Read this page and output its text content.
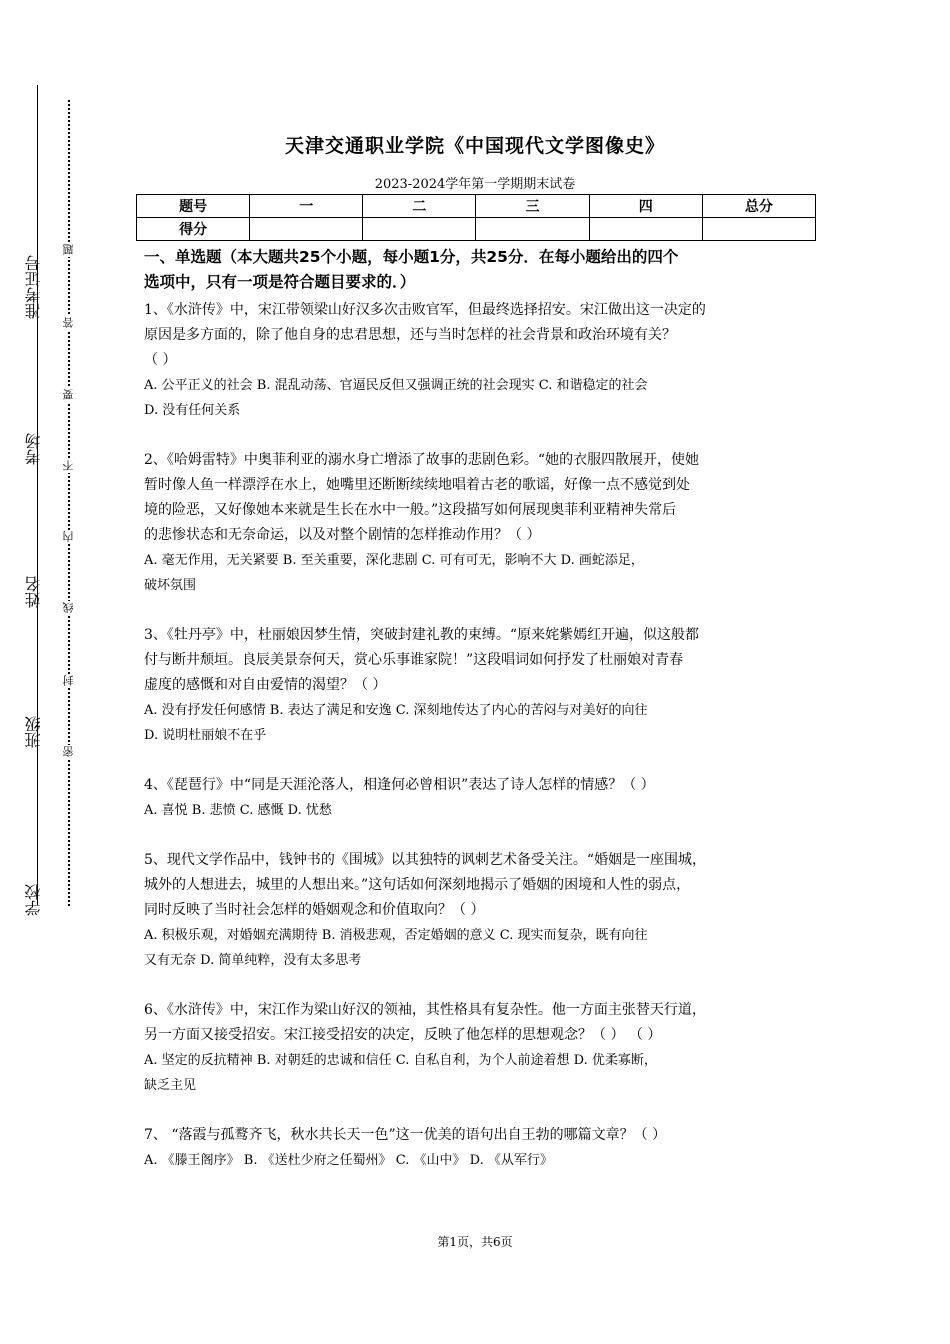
准考证号
考场
姓名
班级
学校
题
答
要
不
内
线
封
密
天津交通职业学院《中国现代文学图像史》
2023-2024学年第一学期期末试卷
题号	一	二	三	四	总分
得分					
一、单选题（本大题共25个小题，每小题1分，共25分．在每小题给出的四个
选项中，只有一项是符合题目要求的．）
1、《水浒传》中，宋江带领梁山好汉多次击败官军，但最终选择招安。宋江做出这一决定的
原因是多方面的，除了他自身的忠君思想，还与当时怎样的社会背景和政治环境有关？
（ ）
A. 公平正义的社会 B. 混乱动荡、官逼民反但又强调正统的社会现实 C. 和谐稳定的社会
D. 没有任何关系
2、《哈姆雷特》中奥菲利亚的溺水身亡增添了故事的悲剧色彩。“她的衣服四散展开，使她
暂时像人鱼一样漂浮在水上，她嘴里还断断续续地唱着古老的歌谣，好像一点不感觉到处
境的险恶，又好像她本来就是生长在水中一般。”这段描写如何展现奥菲利亚精神失常后
的悲惨状态和无奈命运，以及对整个剧情的怎样推动作用？（ ）
A. 毫无作用，无关紧要 B. 至关重要，深化悲剧 C. 可有可无，影响不大 D. 画蛇添足，
破坏氛围
3、《牡丹亭》中，杜丽娘因梦生情，突破封建礼教的束缚。“原来姹紫嫣红开遍，似这般都
付与断井颓垣。良辰美景奈何天，赏心乐事谁家院！”这段唱词如何抒发了杜丽娘对青春
虚度的感慨和对自由爱情的渴望？（ ）
A. 没有抒发任何感情 B. 表达了满足和安逸 C. 深刻地传达了内心的苦闷与对美好的向往
D. 说明杜丽娘不在乎
4、《琵琶行》中“同是天涯沦落人，相逢何必曾相识”表达了诗人怎样的情感？（ ）
A. 喜悦 B. 悲愤 C. 感慨 D. 忧愁
5、现代文学作品中，钱钟书的《围城》以其独特的讽刺艺术备受关注。“婚姻是一座围城，
城外的人想进去，城里的人想出来。”这句话如何深刻地揭示了婚姻的困境和人性的弱点，
同时反映了当时社会怎样的婚姻观念和价值取向？（ ）
A. 积极乐观，对婚姻充满期待 B. 消极悲观，否定婚姻的意义 C. 现实而复杂，既有向往
又有无奈 D. 简单纯粹，没有太多思考
6、《水浒传》中，宋江作为梁山好汉的领袖，其性格具有复杂性。他一方面主张替天行道，
另一方面又接受招安。宋江接受招安的决定，反映了他怎样的思想观念？（ ） （ ）
A. 坚定的反抗精神 B. 对朝廷的忠诚和信任 C. 自私自利，为个人前途着想 D. 优柔寡断，
缺乏主见
7、 “落霞与孤鹜齐飞，秋水共长天一色”这一优美的语句出自王勃的哪篇文章？（ ）
A. 《滕王阁序》 B. 《送杜少府之任蜀州》 C. 《山中》 D. 《从军行》
第1页，共6页
